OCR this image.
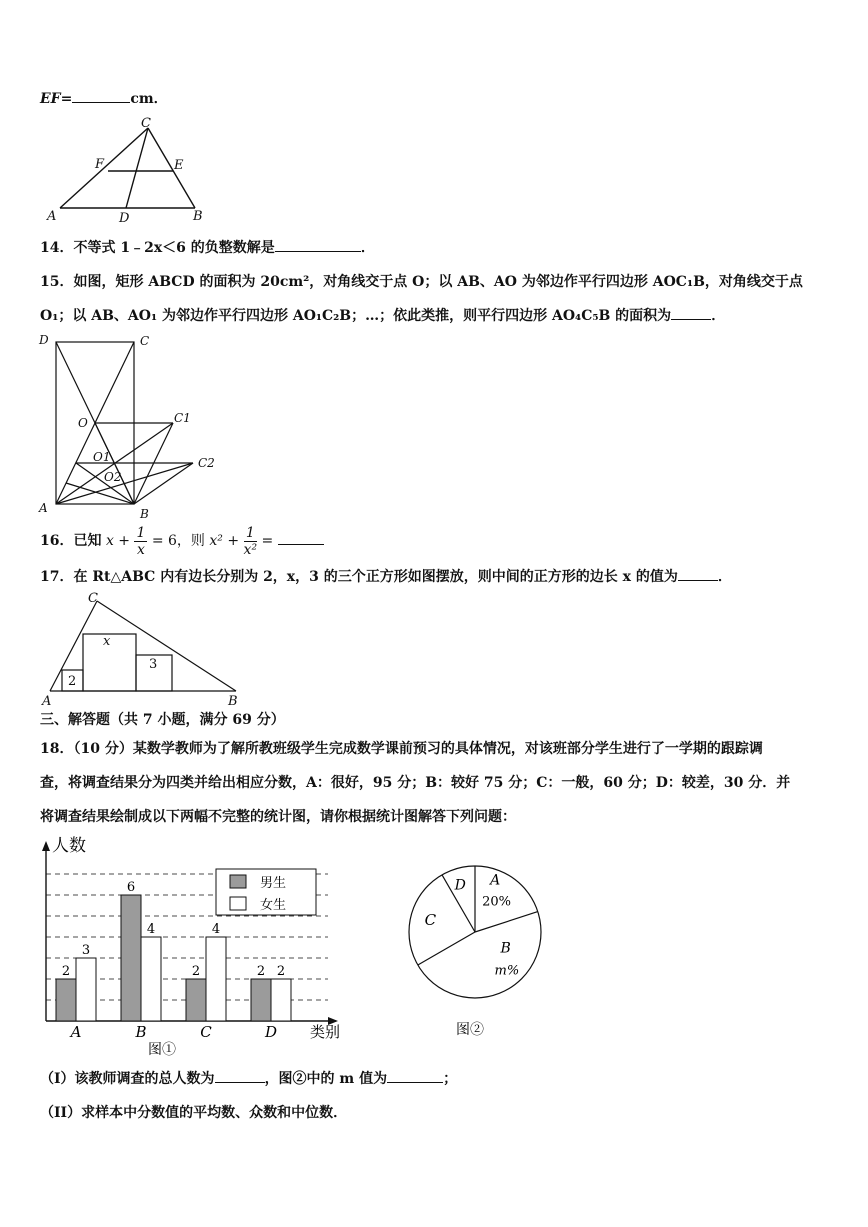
EF=	cm．
C
F	E
A	D	B
14．不等式 1﹣2x＜6 的负整数解是	．
15．如图，矩形 ABCD 的面积为 20cm²，对角线交于点 O；以 AB、AO 为邻边作平行四边形 AOC₁B，对角线交于点
O₁；以 AB、AO₁ 为邻边作平行四边形 AO₁C₂B；…；依此类推，则平行四边形 AO₄C₅B 的面积为	．
D	C
O	C1
O1
O2
C2
A	B
16．已知 $x + \frac{1}{x} = 6$，则 $x^2 + \frac{1}{\text{x²}}$ =
17．在 Rt△ABC 内有边长分别为 2，x，3 的三个正方形如图摆放，则中间的正方形的边长 x 的值为	．
C
x
3
2
A	B
三、解答题（共 7 小题，满分 69 分）
18．（10 分）某数学教师为了解所教班级学生完成数学课前预习的具体情况，对该班部分学生进行了一学期的跟踪调
查，将调查结果分为四类并给出相应分数，A：很好，95 分；B：较好 75 分；C：一般，60 分；D：较差，30 分．并
将调查结果绘制成以下两幅不完整的统计图，请你根据统计图解答下列问题：
人数
类别
图①
2
3
A
6
4
B
2
4
C
2 2
D
男生
女生
A
20%
B
m%
C
D
图②
（I）该教师调查的总人数为	，图②中的 m 值为	；
（II）求样本中分数值的平均数、众数和中位数．
